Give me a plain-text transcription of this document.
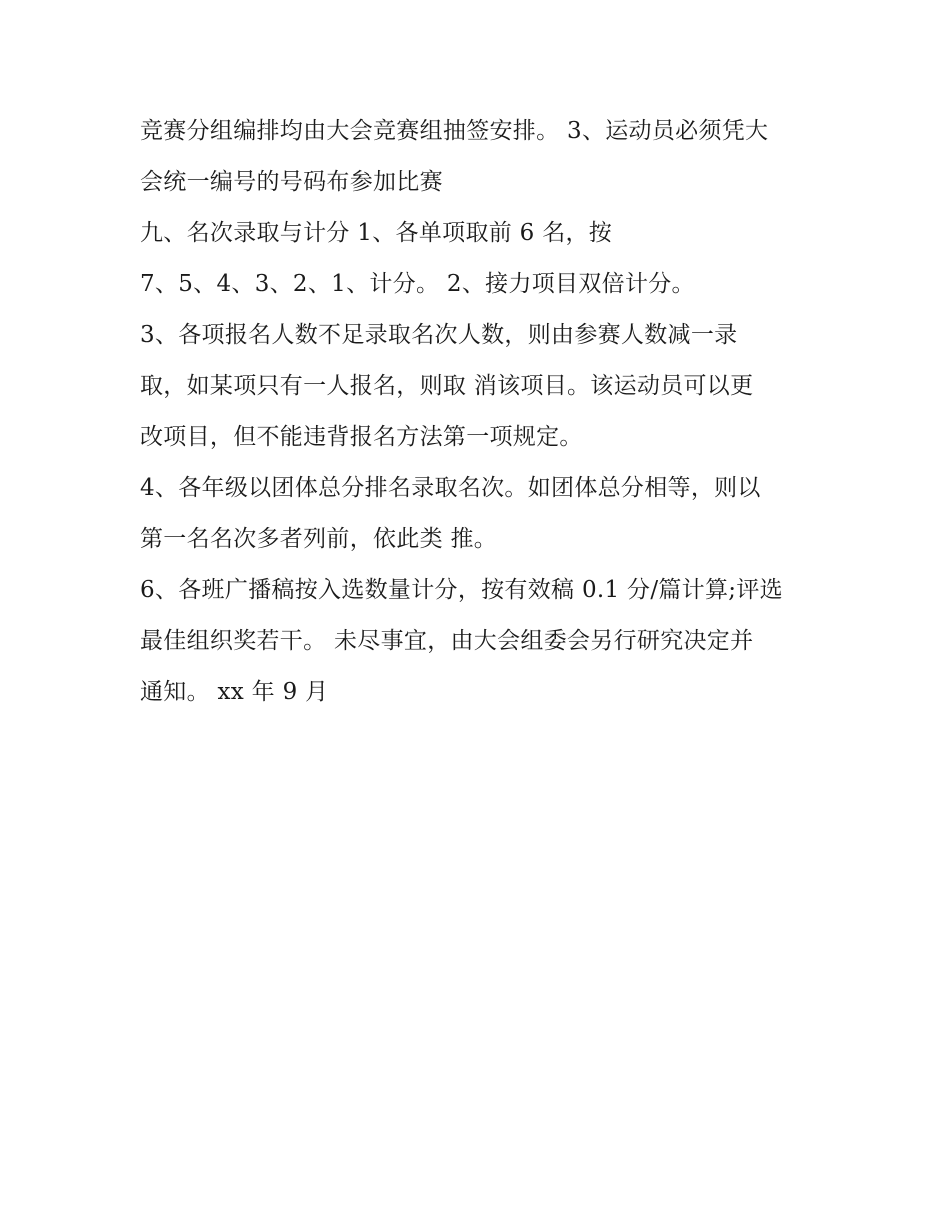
竞赛分组编排均由大会竞赛组抽签安排。 3、运动员必须凭大
会统一编号的号码布参加比赛
九、名次录取与计分 1、各单项取前 6 名，按
7、5、4、3、2、1、计分。 2、接力项目双倍计分。
3、各项报名人数不足录取名次人数，则由参赛人数减一录
取，如某项只有一人报名，则取 消该项目。该运动员可以更
改项目，但不能违背报名方法第一项规定。
4、各年级以团体总分排名录取名次。如团体总分相等，则以
第一名名次多者列前，依此类 推。
6、各班广播稿按入选数量计分，按有效稿 0.1 分/篇计算;评选
最佳组织奖若干。 未尽事宜，由大会组委会另行研究决定并
通知。 xx 年 9 月
